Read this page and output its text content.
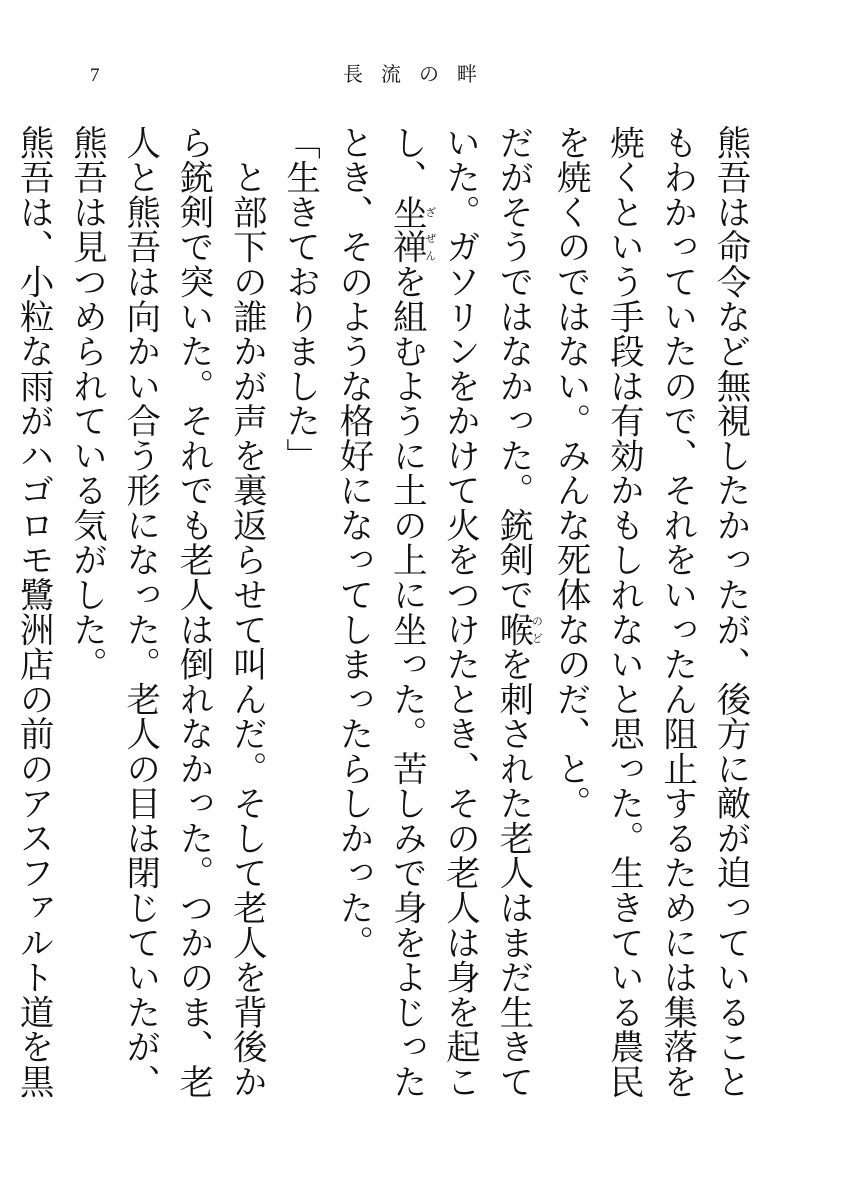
7	長流の畔

熊吾は命令など無視したかったが、後方に敵が迫っていることもわかっていたので、それをいったん阻止するためには集落を焼くという手段は有効かもしれないと思った。生きている農民を焼くのではない。みんな死体なのだ、と。

だがそうではなかった。銃剣で喉のどを刺された老人はまだ生きていた。ガソリンをかけて火をつけたとき、その老人は身を起こし、坐ざ禅ぜんを組むように土の上に坐った。苦しみで身をよじったとき、そのような格好になってしまったらしかった。

「生きておりました」

　と部下の誰かが声を裏返らせて叫んだ。そして老人を背後から銃剣で突いた。それでも老人は倒れなかった。つかのま、老人と熊吾は向かい合う形になった。老人の目は閉じていたが、熊吾は見つめられている気がした。

熊吾は、小粒な雨がハゴロモ鷺洲店の前のアスファルト道を黒
